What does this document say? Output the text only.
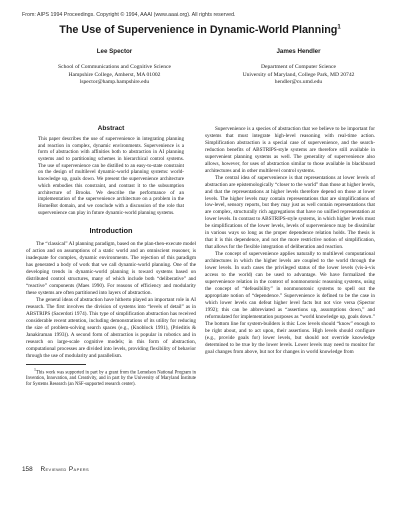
From: AIPS 1994 Proceedings. Copyright © 1994, AAAI (www.aaai.org). All rights reserved.
The Use of Supervenience in Dynamic-World Planning$^1$
Lee Spector
School of Communications and Cognitive Science
Hampshire College, Amherst, MA 01002
lspector@hamp.hampshire.edu
James Hendler
Department of Computer Science
University of Maryland, College Park, MD 20742
hendler@cs.umd.edu
Abstract
This paper describes the use of supervenience in integrating planning and reaction in complex, dynamic environments. Supervenience is a form of abstraction with affinities both to abstraction in AI planning systems and to partitioning schemes in hierarchical control systems. The use of supervenience can be distilled to an easy-to-state constraint on the design of multilevel dynamic-world planning systems: world-knowledge up, goals down. We present the supervenience architecture which embodies this constraint, and contrast it to the subsumption architecture of Brooks. We describe the performance of an implementation of the supervenience architecture on a problem in the HomeBot domain, and we conclude with a discussion of the role that supervenience can play in future dynamic-world planning systems.
Introduction

The “classical” AI planning paradigm, based on the plan-then-execute model of action and on assumptions of a static world and an omniscient reasoner, is inadequate for complex, dynamic environments. The rejection of this paradigm has generated a body of work that we call dynamic-world planning. One of the developing trends in dynamic-world planning is toward systems based on distributed control structures, many of which include both “deliberative” and “reactive” components (Maes 1990). For reasons of efficiency and modularity these systems are often partitioned into layers of abstraction.

The general ideas of abstraction have hitherto played an important role in AI research. The first involves the division of systems into “levels of detail” as in ABSTRIPS (Sacerdoti 1974). This type of simplification abstraction has received considerable recent attention, including demonstrations of its utility for reducing the size of problem-solving search spaces (e.g., (Knoblock 1991), (Prieditis & Janakiraman 1993)). A second form of abstraction is popular in robotics and in research on large-scale cognitive models; in this form of abstraction, computational processes are divided into levels, providing flexibility of behavior through the use of modularity and parallelism.

$^1$This work was supported in part by a grant from the Lemelson National Program in Invention, Innovation, and Creativity, and in part by the University of Maryland Institute for Systems Research (an NSF-supported research center).

Supervenience is a species of abstraction that we believe to be important for systems that must integrate high-level reasoning with real-time action. Simplification abstraction is a special case of supervenience, and the search-reduction benefits of ABSTRIPS-style systems are therefore still available in supervenient planning systems as well. The generality of supervenience also allows, however, for uses of abstraction similar to those available in blackboard architectures and in other multilevel control systems.

The central idea of supervenience is that representations at lower levels of abstraction are epistemologically “closer to the world” than those at higher levels, and that the representations at higher levels therefore depend on those at lower levels. The higher levels may contain representations that are simplifications of low-level, sensory reports, but they may just as well contain representations that are complex, structurally rich aggregations that have no unified representation at lower levels. In contrast to ABSTRIPS-style systems, in which higher levels must be simplifications of the lower levels, levels of supervenience may be dissimilar in various ways so long as the proper dependence relation holds. The thesis is that it is this dependence, and not the more restrictive notion of simplification, that allows for the flexible integration of deliberation and reaction.

The concept of supervenience applies naturally to multilevel computational architectures in which the higher levels are coupled to the world through the lower levels. In such cases the privileged status of the lower levels (vis-à-vis access to the world) can be used to advantage. We have formalized the supervenience relation in the context of nonmonotonic reasoning systems, using the concept of “defeasibility” in nonmonotonic systems to spell out the appropriate notion of “dependence.” Supervenience is defined to be the case in which lower levels can defeat higher level facts but not vice versa (Spector 1992); this can be abbreviated as “assertions up, assumptions down,” and reformulated for implementation purposes as “world knowledge up, goals down.” The bottom line for system-builders is this: Low levels should “know” enough to be right about, and to act upon, their assertions. High levels should configure (e.g., provide goals for) lower levels, but should not override knowledge determined to be true by the lower levels. Lower levels may need to monitor for goal changes from above, but not for changes in world knowledge from

158 Reviewed Papers
